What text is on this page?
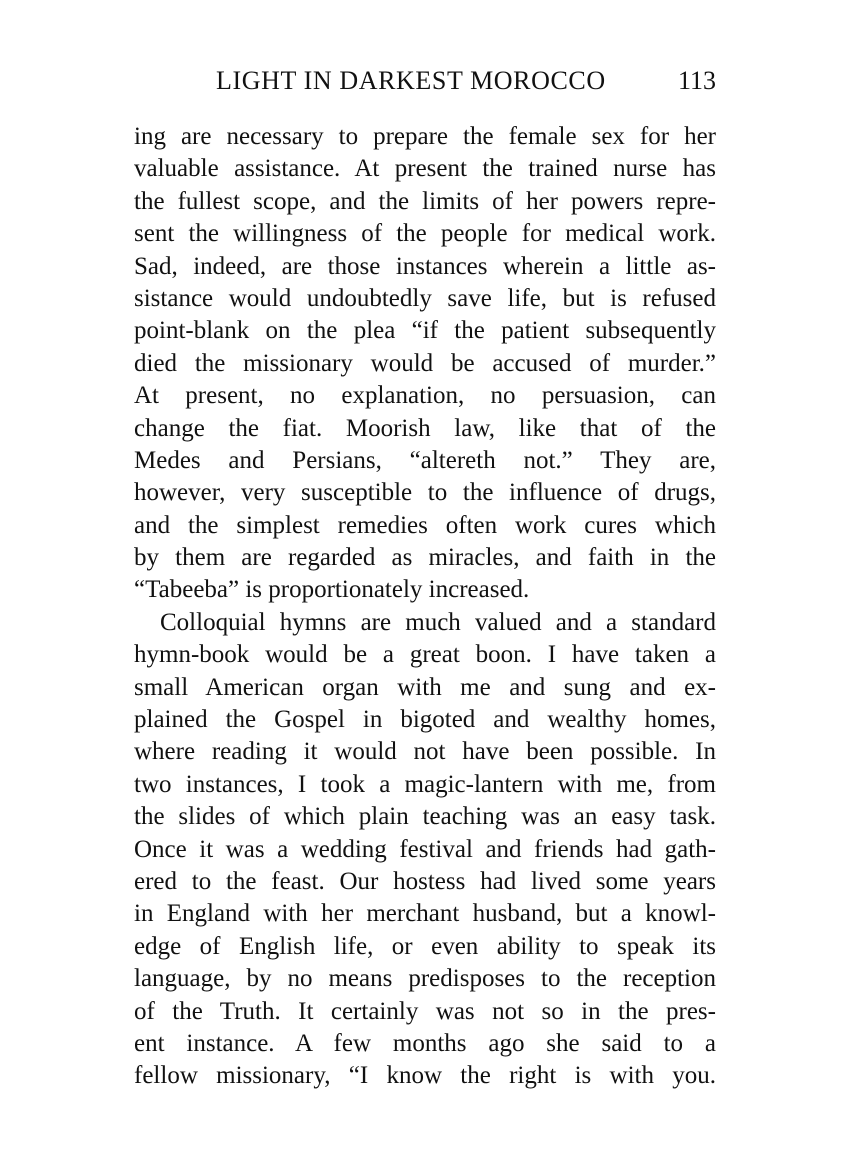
LIGHT IN DARKEST MOROCCO	113
ing are necessary to prepare the female sex for her
valuable assistance. At present the trained nurse has
the fullest scope, and the limits of her powers repre-
sent the willingness of the people for medical work.
Sad, indeed, are those instances wherein a little as-
sistance would undoubtedly save life, but is refused
point-blank on the plea “if the patient subsequently
died the missionary would be accused of murder.”
At present, no explanation, no persuasion, can
change the fiat. Moorish law, like that of the
Medes and Persians, “altereth not.” They are,
however, very susceptible to the influence of drugs,
and the simplest remedies often work cures which
by them are regarded as miracles, and faith in the
“Tabeeba” is proportionately increased.
Colloquial hymns are much valued and a standard
hymn-book would be a great boon. I have taken a
small American organ with me and sung and ex-
plained the Gospel in bigoted and wealthy homes,
where reading it would not have been possible. In
two instances, I took a magic-lantern with me, from
the slides of which plain teaching was an easy task.
Once it was a wedding festival and friends had gath-
ered to the feast. Our hostess had lived some years
in England with her merchant husband, but a knowl-
edge of English life, or even ability to speak its
language, by no means predisposes to the reception
of the Truth. It certainly was not so in the pres-
ent instance. A few months ago she said to a
fellow missionary, “I know the right is with you.
